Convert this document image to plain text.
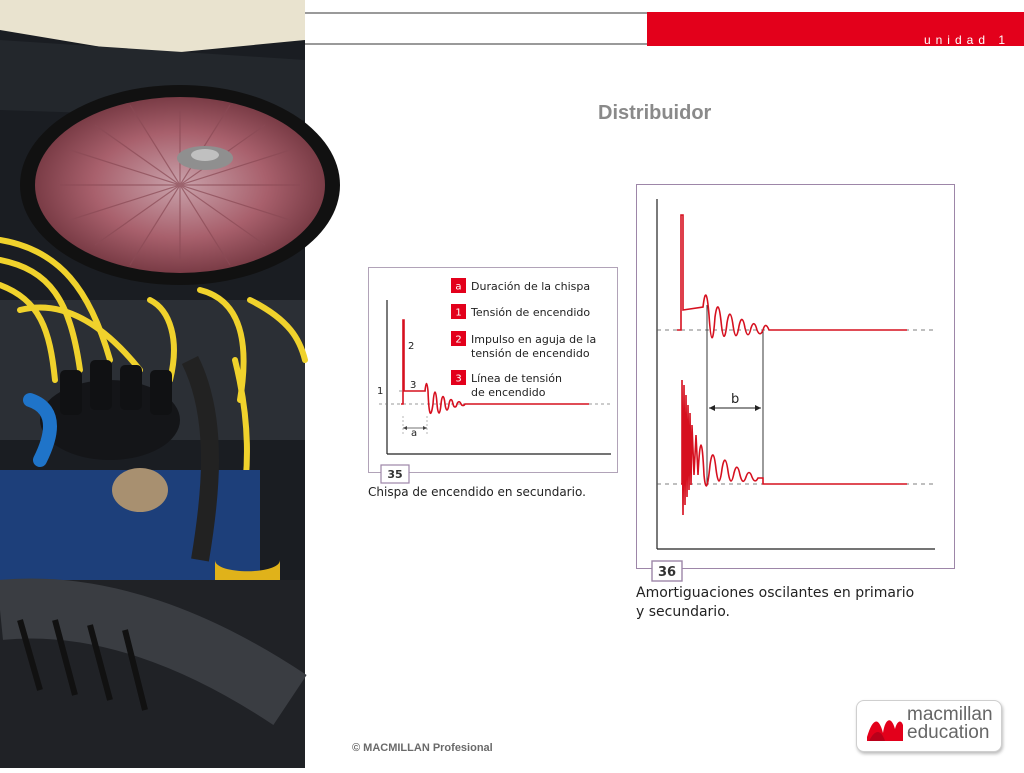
unidad 1
Distribuidor
a
2
1
3
a Duración de la chispa
1 Tensión de encendido
2 Impulso en aguja de la
tensión de encendido
3 Línea de tensión
de encendido
35
Chispa de encendido en secundario.
b
36
Amortiguaciones oscilantes en primario
y secundario.
© MACMILLAN Profesional
macmillan
education
